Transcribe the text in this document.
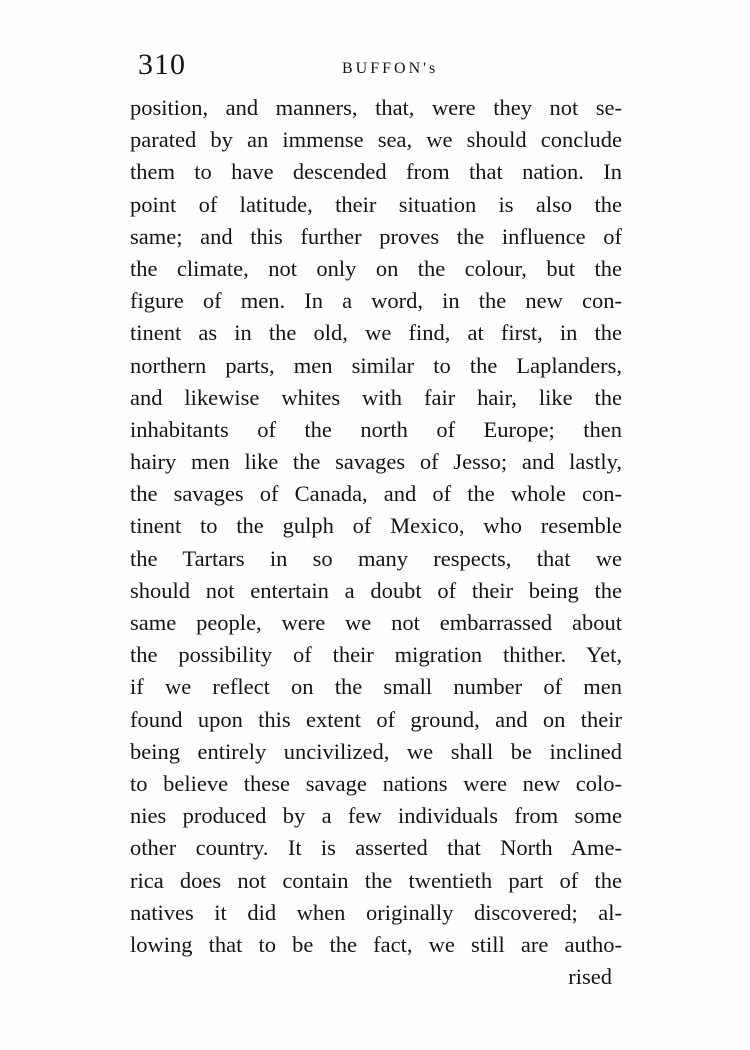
310	BUFFON's
position, and manners, that, were they not se-
parated by an immense sea, we should conclude
them to have descended from that nation. In
point of latitude, their situation is also the
same; and this further proves the influence of
the climate, not only on the colour, but the
figure of men. In a word, in the new con-
tinent as in the old, we find, at first, in the
northern parts, men similar to the Laplanders,
and likewise whites with fair hair, like the
inhabitants of the north of Europe; then
hairy men like the savages of Jesso; and lastly,
the savages of Canada, and of the whole con-
tinent to the gulph of Mexico, who resemble
the Tartars in so many respects, that we
should not entertain a doubt of their being the
same people, were we not embarrassed about
the possibility of their migration thither. Yet,
if we reflect on the small number of men
found upon this extent of ground, and on their
being entirely uncivilized, we shall be inclined
to believe these savage nations were new colo-
nies produced by a few individuals from some
other country. It is asserted that North Ame-
rica does not contain the twentieth part of the
natives it did when originally discovered; al-
lowing that to be the fact, we still are autho-
rised
